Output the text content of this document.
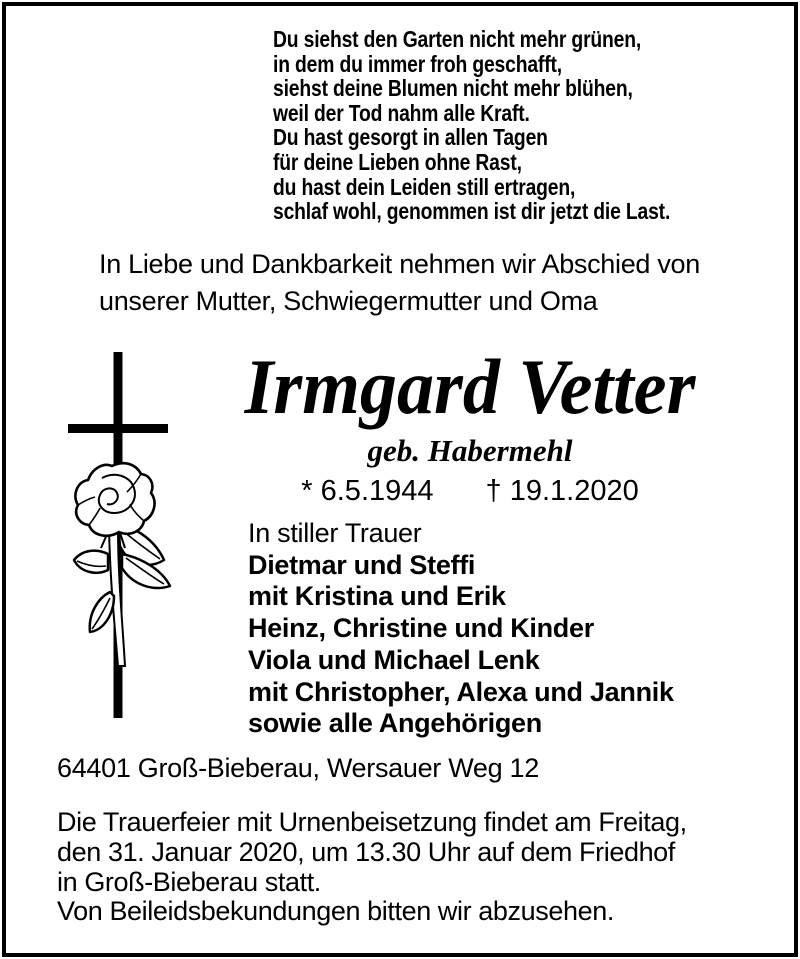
Du siehst den Garten nicht mehr grünen,
in dem du immer froh geschafft,
siehst deine Blumen nicht mehr blühen,
weil der Tod nahm alle Kraft.
Du hast gesorgt in allen Tagen
für deine Lieben ohne Rast,
du hast dein Leiden still ertragen,
schlaf wohl, genommen ist dir jetzt die Last.
In Liebe und Dankbarkeit nehmen wir Abschied von
unserer Mutter, Schwiegermutter und Oma
Irmgard Vetter
geb. Habermehl
* 6.5.1944 † 19.1.2020
In stiller Trauer
Dietmar und Steffi
mit Kristina und Erik
Heinz, Christine und Kinder
Viola und Michael Lenk
mit Christopher, Alexa und Jannik
sowie alle Angehörigen
64401 Groß-Bieberau, Wersauer Weg 12
Die Trauerfeier mit Urnenbeisetzung findet am Freitag,
den 31. Januar 2020, um 13.30 Uhr auf dem Friedhof
in Groß-Bieberau statt.
Von Beileidsbekundungen bitten wir abzusehen.
